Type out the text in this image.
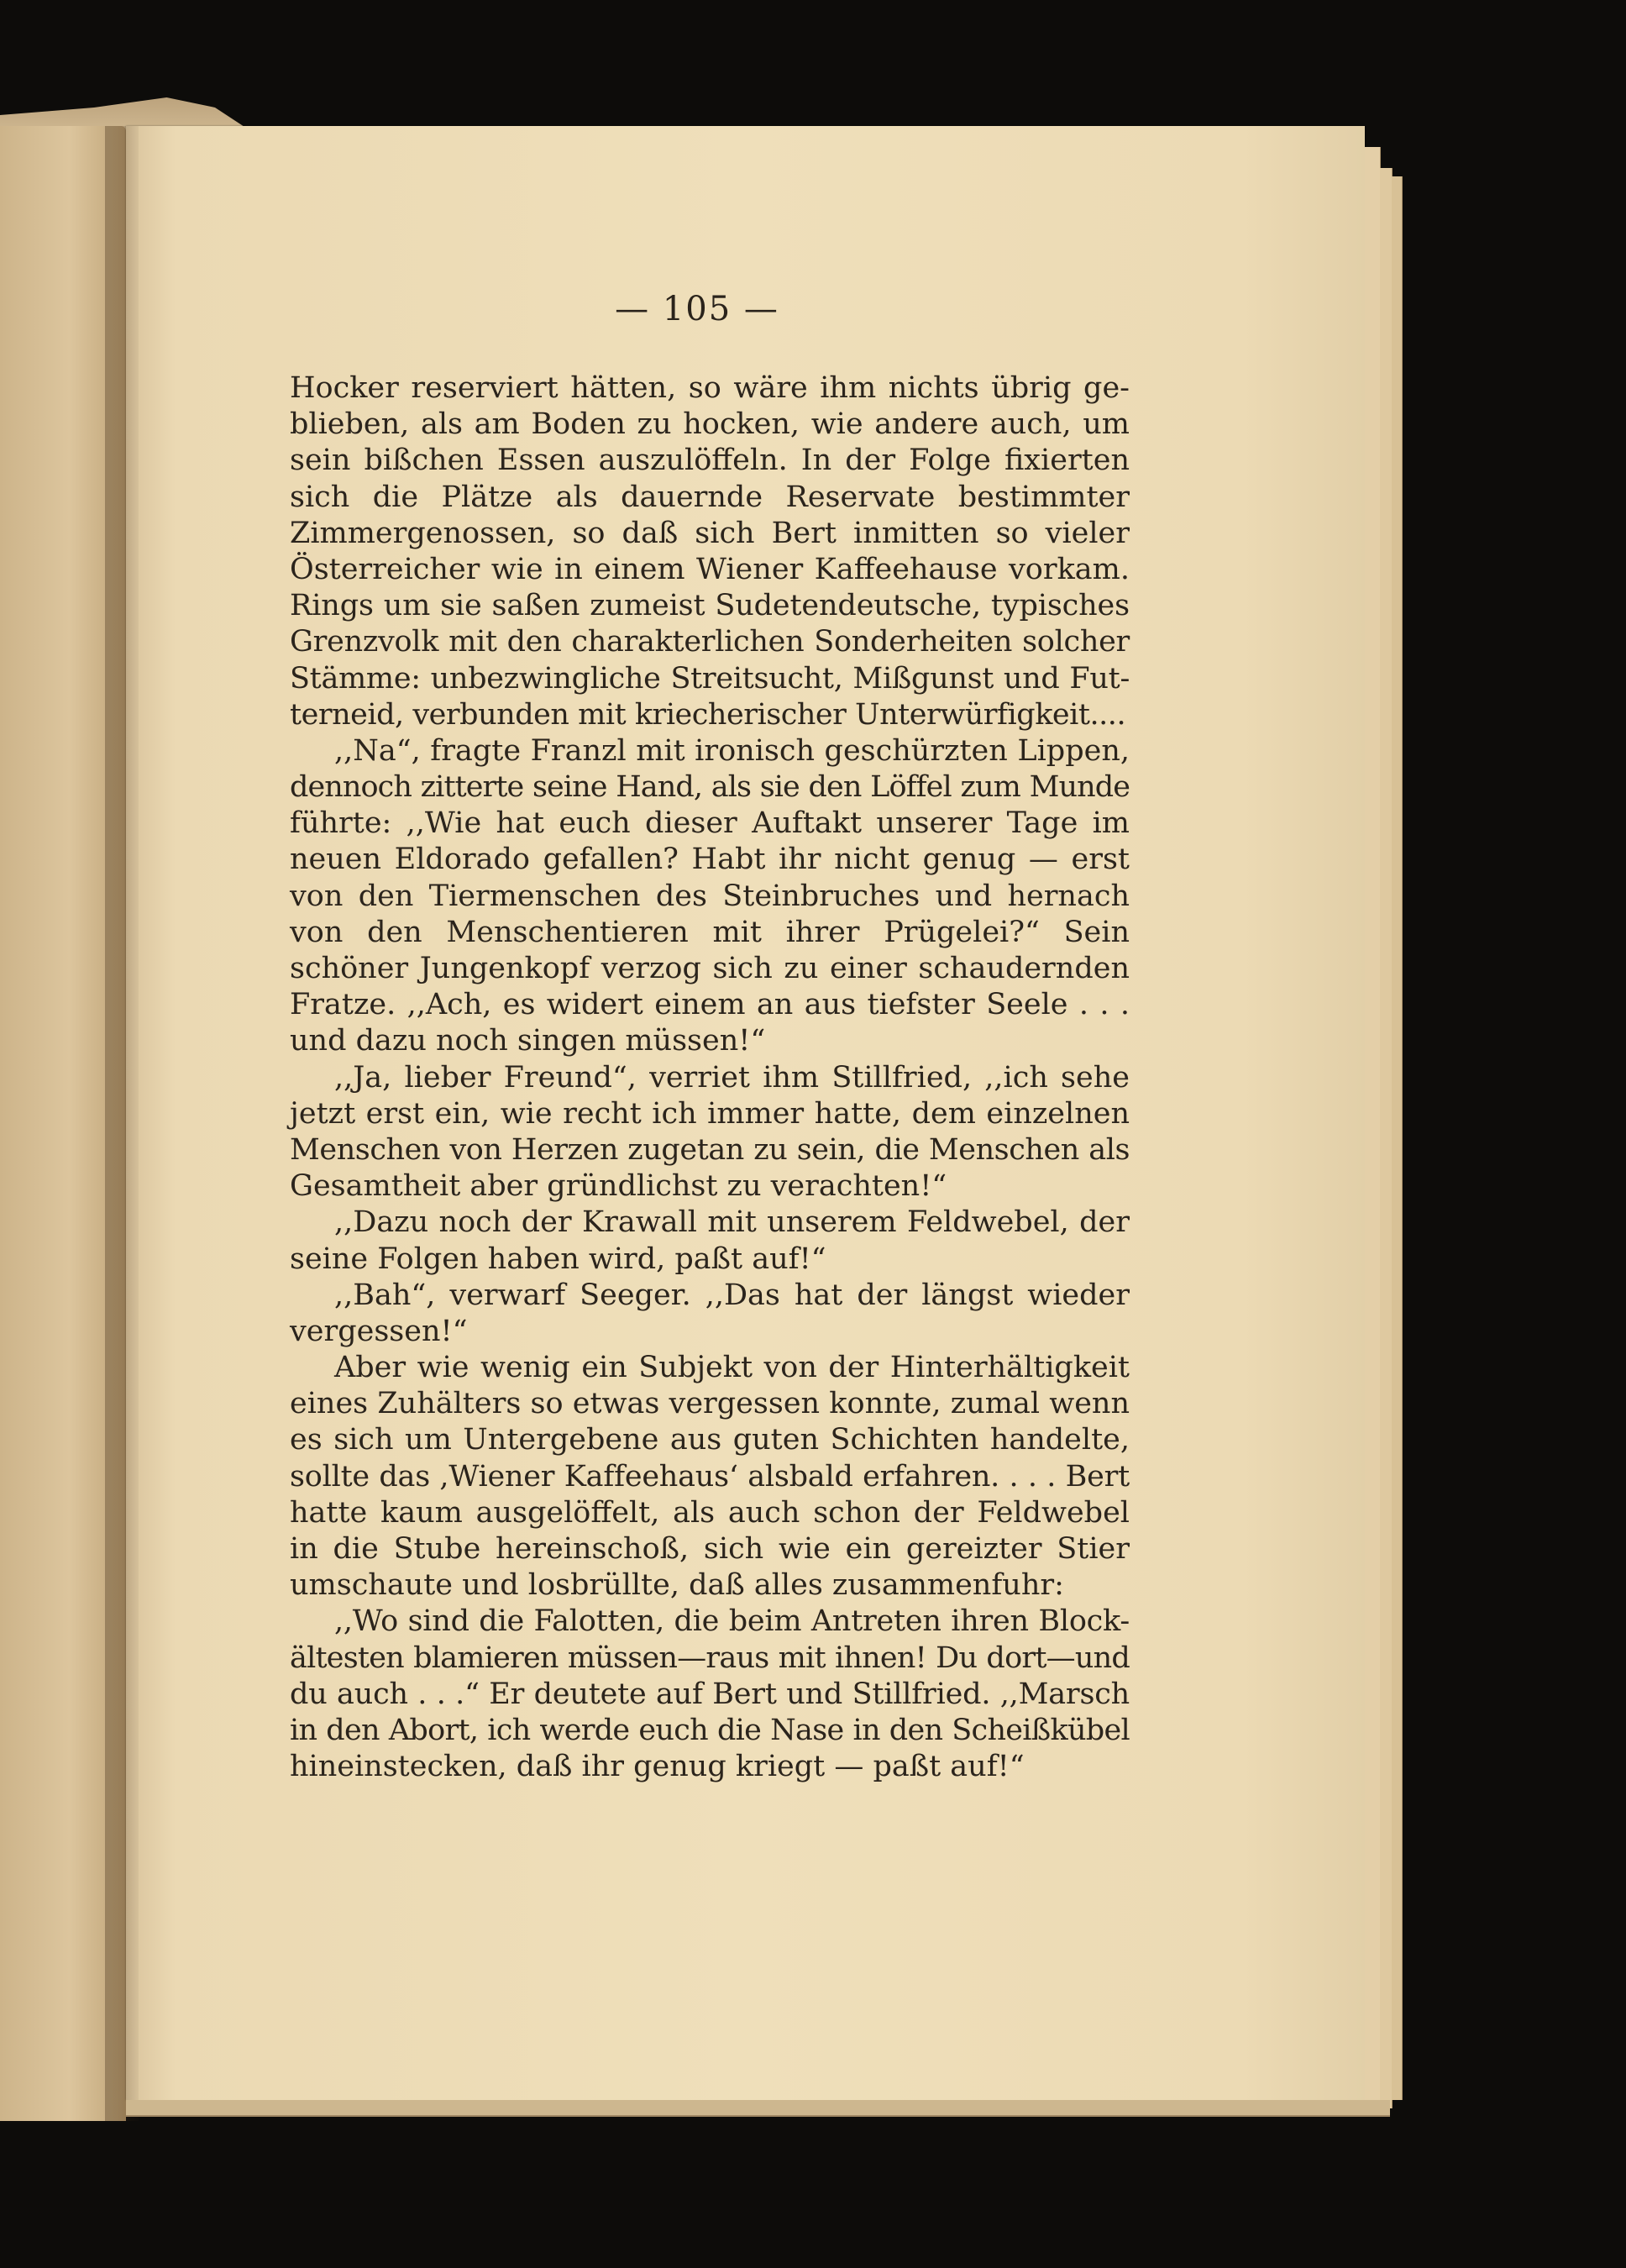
— 105 —
Hocker reserviert hätten, so wäre ihm nichts übrig ge-
blieben, als am Boden zu hocken, wie andere auch, um
sein bißchen Essen auszulöffeln. In der Folge fixierten
sich die Plätze als dauernde Reservate bestimmter
Zimmergenossen, so daß sich Bert inmitten so vieler
Österreicher wie in einem Wiener Kaffeehause vorkam.
Rings um sie saßen zumeist Sudetendeutsche, typisches
Grenzvolk mit den charakterlichen Sonderheiten solcher
Stämme: unbezwingliche Streitsucht, Mißgunst und Fut-
terneid, verbunden mit kriecherischer Unterwürfigkeit....
,,Na“, fragte Franzl mit ironisch geschürzten Lippen,
dennoch zitterte seine Hand, als sie den Löffel zum Munde
führte: ,,Wie hat euch dieser Auftakt unserer Tage im
neuen Eldorado gefallen? Habt ihr nicht genug — erst
von den Tiermenschen des Steinbruches und hernach
von den Menschentieren mit ihrer Prügelei?“ Sein
schöner Jungenkopf verzog sich zu einer schaudernden
Fratze. ,,Ach, es widert einem an aus tiefster Seele . . .
und dazu noch singen müssen!“
,,Ja, lieber Freund“, verriet ihm Stillfried, ,,ich sehe
jetzt erst ein, wie recht ich immer hatte, dem einzelnen
Menschen von Herzen zugetan zu sein, die Menschen als
Gesamtheit aber gründlichst zu verachten!“
,,Dazu noch der Krawall mit unserem Feldwebel, der
seine Folgen haben wird, paßt auf!“
,,Bah“, verwarf Seeger. ,,Das hat der längst wieder
vergessen!“
Aber wie wenig ein Subjekt von der Hinterhältigkeit
eines Zuhälters so etwas vergessen konnte, zumal wenn
es sich um Untergebene aus guten Schichten handelte,
sollte das ,Wiener Kaffeehaus‘ alsbald erfahren. . . . Bert
hatte kaum ausgelöffelt, als auch schon der Feldwebel
in die Stube hereinschoß, sich wie ein gereizter Stier
umschaute und losbrüllte, daß alles zusammenfuhr:
,,Wo sind die Falotten, die beim Antreten ihren Block-
ältesten blamieren müssen—raus mit ihnen! Du dort—und
du auch . . .“ Er deutete auf Bert und Stillfried. ,,Marsch
in den Abort, ich werde euch die Nase in den Scheißkübel
hineinstecken, daß ihr genug kriegt — paßt auf!“
